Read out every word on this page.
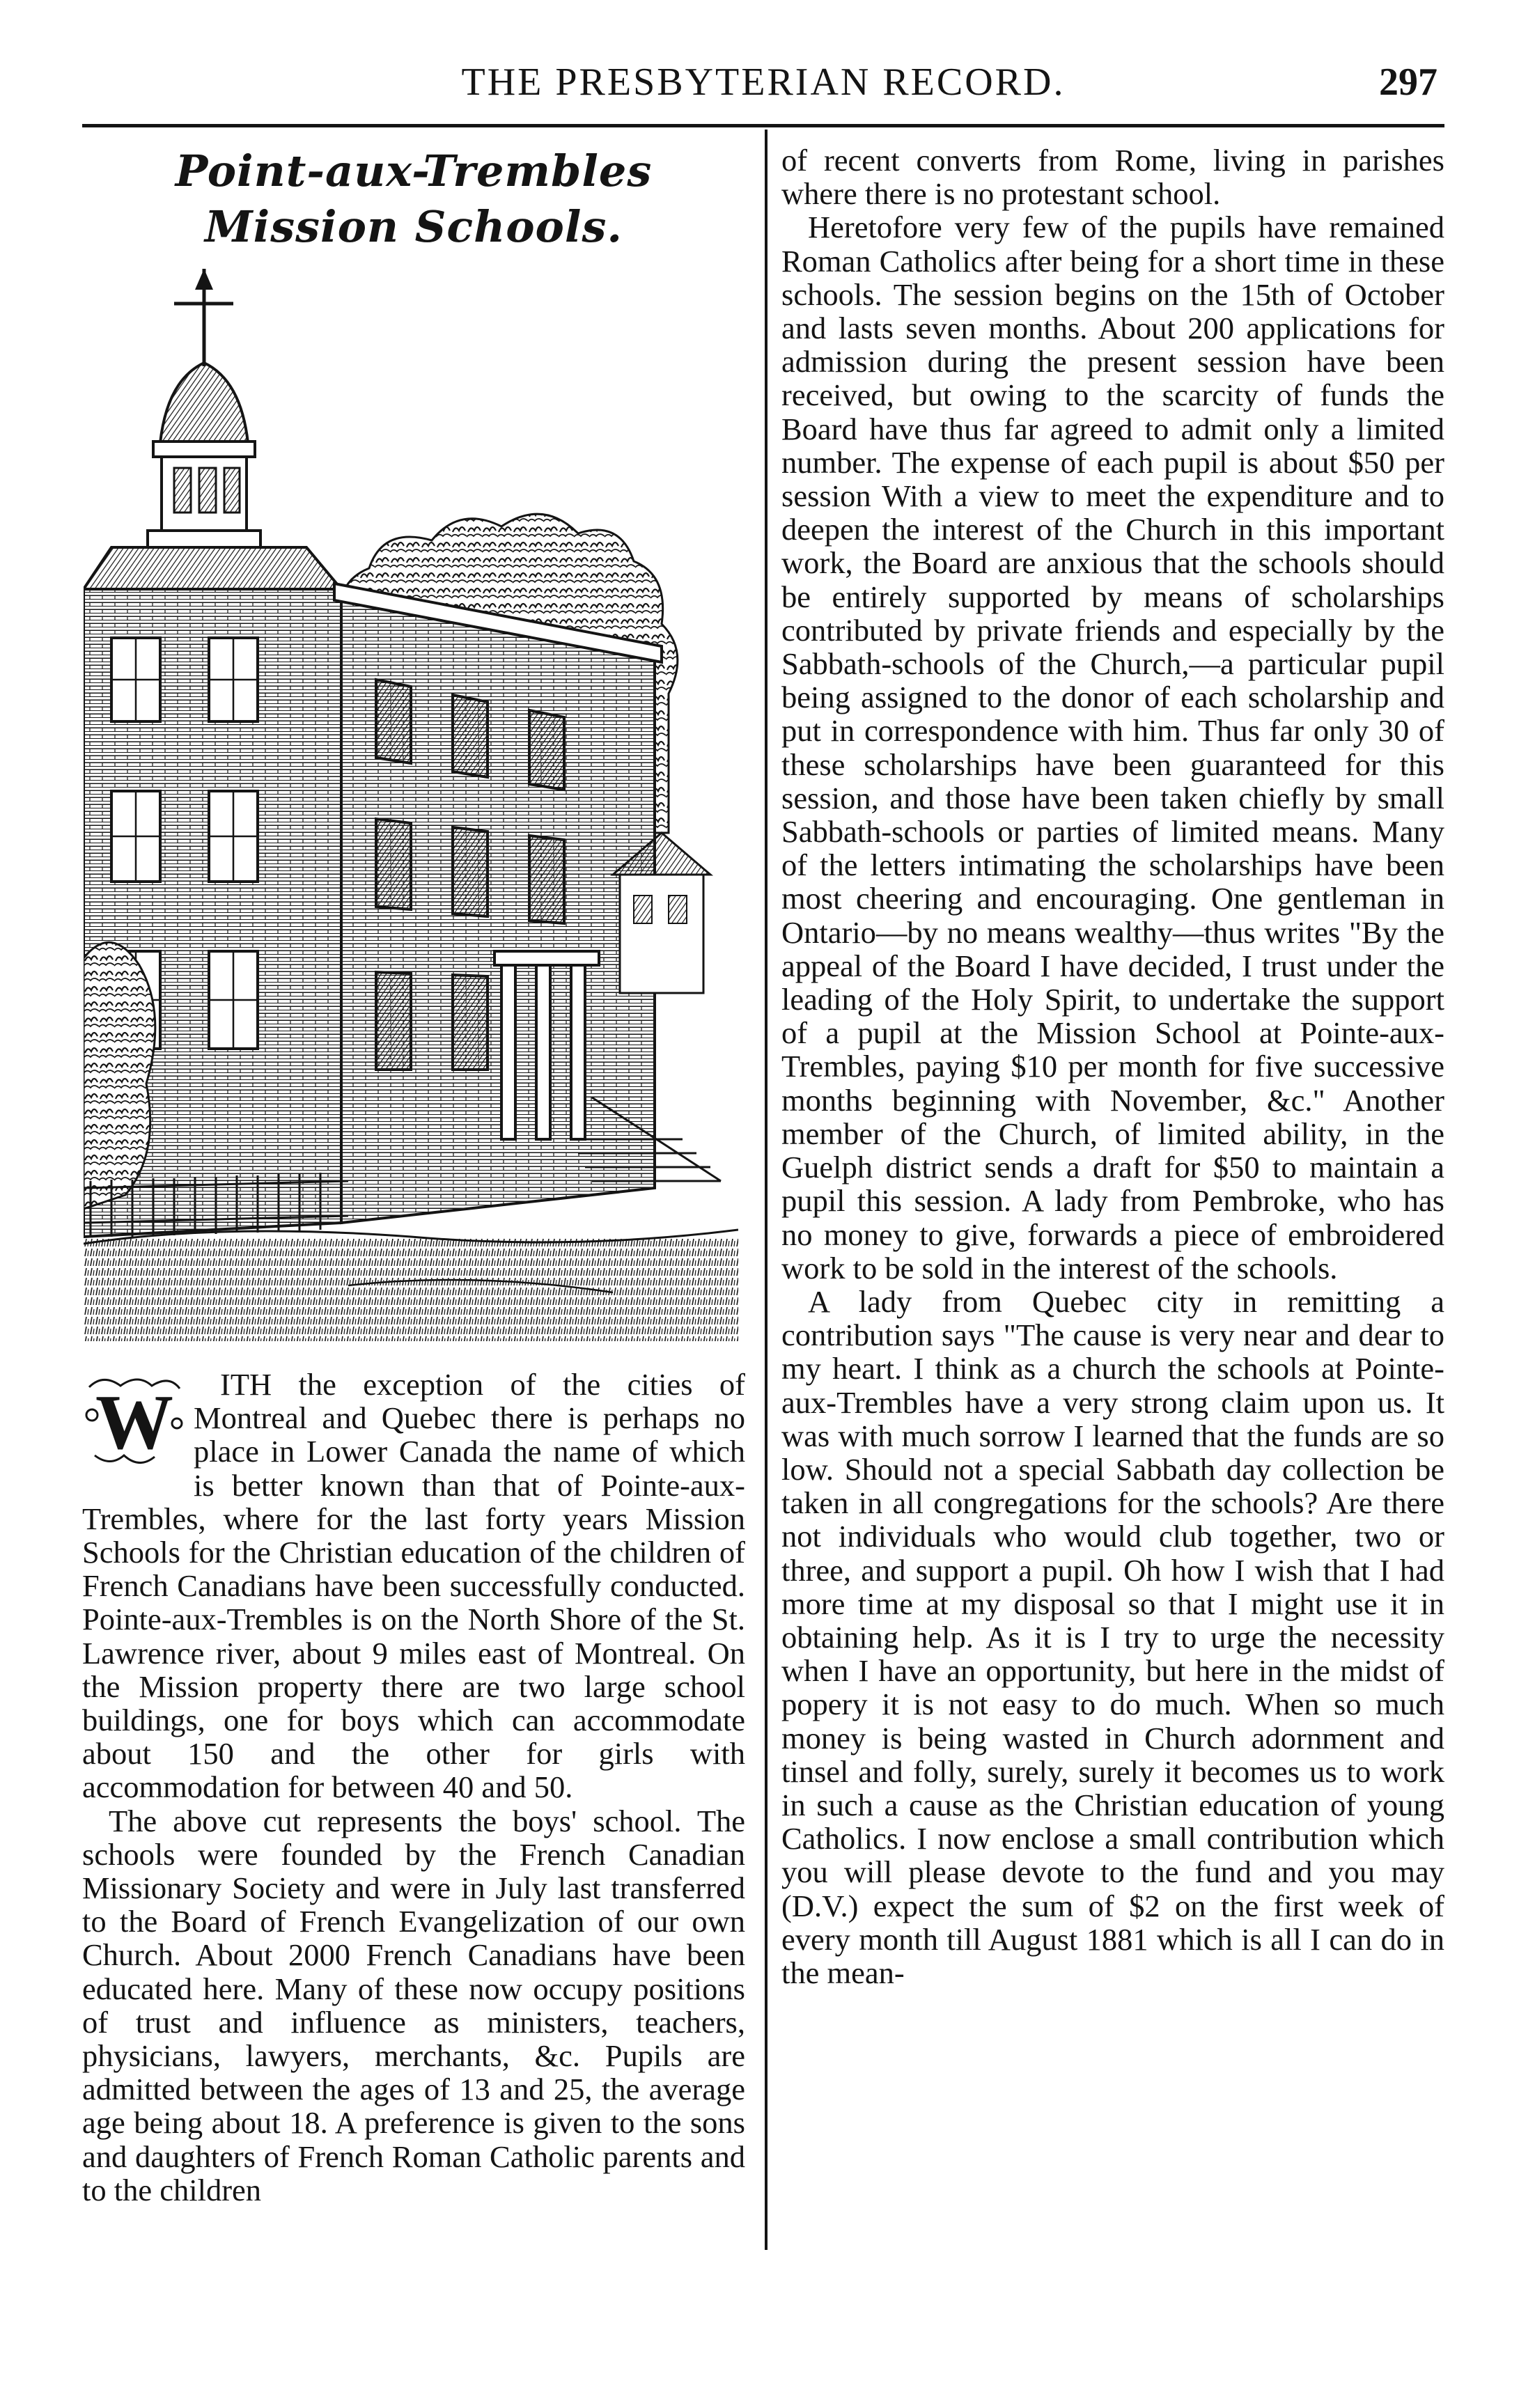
THE PRESBYTERIAN RECORD.	297
Point-aux-Trembles Mission Schools.
W	ITH the exception of the cities of Montreal and Quebec there is perhaps no place in Lower Canada the name of which is better known than that of Pointe-aux-Trembles, where for the last forty years Mission Schools for the Christian education of the children of French Canadians have been successfully conducted. Pointe-aux-Trembles is on the North Shore of the St. Lawrence river, about 9 miles east of Montreal. On the Mission property there are two large school buildings, one for boys which can accommodate about 150 and the other for girls with accommodation for between 40 and 50.

The above cut represents the boys' school. The schools were founded by the French Canadian Missionary Society and were in July last transferred to the Board of French Evangelization of our own Church. About 2000 French Canadians have been educated here. Many of these now occupy positions of trust and influence as ministers, teachers, physicians, lawyers, merchants, &c. Pupils are admitted between the ages of 13 and 25, the average age being about 18. A preference is given to the sons and daughters of French Roman Catholic parents and to the children

of recent converts from Rome, living in parishes where there is no protestant school.

Heretofore very few of the pupils have remained Roman Catholics after being for a short time in these schools. The session begins on the 15th of October and lasts seven months. About 200 applications for admission during the present session have been received, but owing to the scarcity of funds the Board have thus far agreed to admit only a limited number. The expense of each pupil is about $50 per session With a view to meet the expenditure and to deepen the interest of the Church in this important work, the Board are anxious that the schools should be entirely supported by means of scholarships contributed by private friends and especially by the Sabbath-schools of the Church,—a particular pupil being assigned to the donor of each scholarship and put in correspondence with him. Thus far only 30 of these scholarships have been guaranteed for this session, and those have been taken chiefly by small Sabbath-schools or parties of limited means. Many of the letters intimating the scholarships have been most cheering and encouraging. One gentleman in Ontario—by no means wealthy—thus writes "By the appeal of the Board I have decided, I trust under the leading of the Holy Spirit, to undertake the support of a pupil at the Mission School at Pointe-aux-Trembles, paying $10 per month for five successive months beginning with November, &c." Another member of the Church, of limited ability, in the Guelph district sends a draft for $50 to maintain a pupil this session. A lady from Pembroke, who has no money to give, forwards a piece of embroidered work to be sold in the interest of the schools.

A lady from Quebec city in remitting a contribution says "The cause is very near and dear to my heart. I think as a church the schools at Pointe-aux-Trembles have a very strong claim upon us. It was with much sorrow I learned that the funds are so low. Should not a special Sabbath day collection be taken in all congregations for the schools? Are there not individuals who would club together, two or three, and support a pupil. Oh how I wish that I had more time at my disposal so that I might use it in obtaining help. As it is I try to urge the necessity when I have an opportunity, but here in the midst of popery it is not easy to do much. When so much money is being wasted in Church adornment and tinsel and folly, surely, surely it becomes us to work in such a cause as the Christian education of young Catholics. I now enclose a small contribution which you will please devote to the fund and you may (D.V.) expect the sum of $2 on the first week of every month till August 1881 which is all I can do in the mean-
